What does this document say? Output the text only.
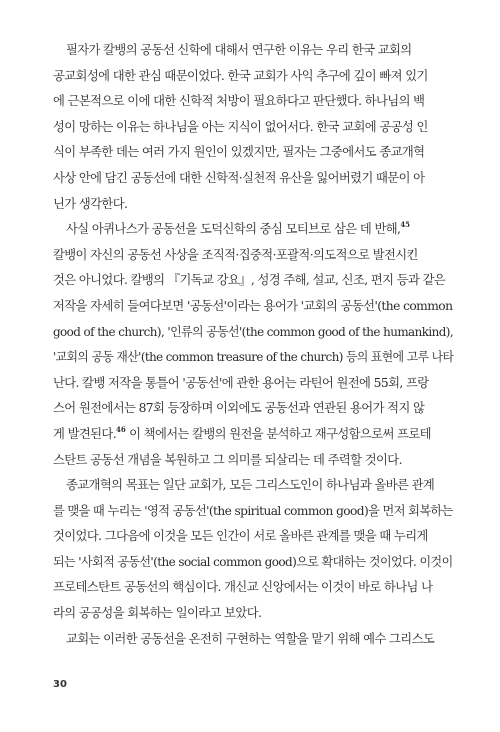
필자가 칼뱅의 공동선 신학에 대해서 연구한 이유는 우리 한국 교회의
공교회성에 대한 관심 때문이었다. 한국 교회가 사익 추구에 깊이 빠져 있기
에 근본적으로 이에 대한 신학적 처방이 필요하다고 판단했다. 하나님의 백
성이 망하는 이유는 하나님을 아는 지식이 없어서다. 한국 교회에 공공성 인
식이 부족한 데는 여러 가지 원인이 있겠지만, 필자는 그중에서도 종교개혁
사상 안에 담긴 공동선에 대한 신학적·실천적 유산을 잃어버렸기 때문이 아
닌가 생각한다.
사실 아퀴나스가 공동선을 도덕신학의 중심 모티브로 삼은 데 반해,$^{45}$
칼뱅이 자신의 공동선 사상을 조직적·집중적·포괄적·의도적으로 발전시킨
것은 아니었다. 칼뱅의 『기독교 강요』, 성경 주해, 설교, 신조, 편지 등과 같은
저작을 자세히 들여다보면 '공동선'이라는 용어가 '교회의 공동선'(the common
good of the church), '인류의 공동선'(the common good of the humankind),
'교회의 공동 재산'(the common treasure of the church) 등의 표현에 고루 나타
난다. 칼뱅 저작을 통틀어 '공동선'에 관한 용어는 라틴어 원전에 55회, 프랑
스어 원전에서는 87회 등장하며 이외에도 공동선과 연관된 용어가 적지 않
게 발견된다.$^{46}$ 이 책에서는 칼뱅의 원전을 분석하고 재구성함으로써 프로테
스탄트 공동선 개념을 복원하고 그 의미를 되살리는 데 주력할 것이다.
종교개혁의 목표는 일단 교회가, 모든 그리스도인이 하나님과 올바른 관계
를 맺을 때 누리는 '영적 공동선'(the spiritual common good)을 먼저 회복하는
것이었다. 그다음에 이것을 모든 인간이 서로 올바른 관계를 맺을 때 누리게
되는 '사회적 공동선'(the social common good)으로 확대하는 것이었다. 이것이
프로테스탄트 공동선의 핵심이다. 개신교 신앙에서는 이것이 바로 하나님 나
라의 공공성을 회복하는 일이라고 보았다.
교회는 이러한 공동선을 온전히 구현하는 역할을 맡기 위해 예수 그리스도
30
